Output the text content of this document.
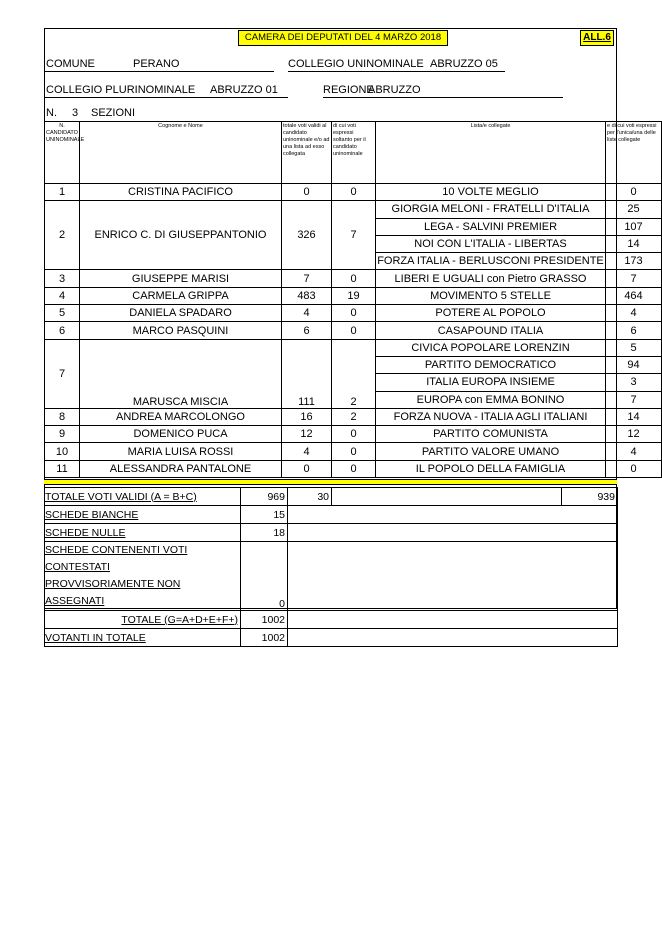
CAMERA DEI DEPUTATI DEL 4 MARZO 2018	ALL.6
COMUNE	PERANO	COLLEGIO UNINOMINALE ABRUZZO 05
COLLEGIO PLURINOMINALE ABRUZZO 01	REGIONE
ABRUZZO
N. 3 SEZIONI
N. CANDIDATO UNINOMINALE	Cognome e Nome	totale voti validi al candidato uninominale e/o ad una lista ad esso collegata	di cui voti espressi soltanto per il candidato uninominale	Lista/e collegate	e di cui voti espressi per l'unica/una delle liste collegate
1	CRISTINA PACIFICO	0	0	10 VOLTE MEGLIO	0
2	ENRICO C. DI GIUSEPPANTONIO	326	7	GIORGIA MELONI - FRATELLI D'ITALIA	25
				LEGA - SALVINI PREMIER	107
				NOI CON L'ITALIA - LIBERTAS	14
				FORZA ITALIA - BERLUSCONI PRESIDENTE	173
3	GIUSEPPE MARISI	7	0	LIBERI E UGUALI con Pietro GRASSO	7
4	CARMELA GRIPPA	483	19	MOVIMENTO 5 STELLE	464
5	DANIELA SPADARO	4	0	POTERE AL POPOLO	4
6	MARCO PASQUINI	6	0	CASAPOUND ITALIA	6
7	MARUSCA MISCIA	111	2	CIVICA POPOLARE LORENZIN	5
				PARTITO DEMOCRATICO	94
				ITALIA EUROPA INSIEME	3
				EUROPA con EMMA BONINO	7
8	ANDREA MARCOLONGO	16	2	FORZA NUOVA - ITALIA AGLI ITALIANI	14
9	DOMENICO PUCA	12	0	PARTITO COMUNISTA	12
10	MARIA LUISA ROSSI	4	0	PARTITO VALORE UMANO	4
11	ALESSANDRA PANTALONE	0	0	IL POPOLO DELLA FAMIGLIA	0
TOTALE VOTI VALIDI (A = B+C)	969	30		939
SCHEDE BIANCHE	15			
SCHEDE NULLE	18			
SCHEDE CONTENENTI VOTI CONTESTATI
PROVVISORIAMENTE NON ASSEGNATI	0			
TOTALE (G=A+D+E+F+)	1002			
VOTANTI IN TOTALE	1002			
